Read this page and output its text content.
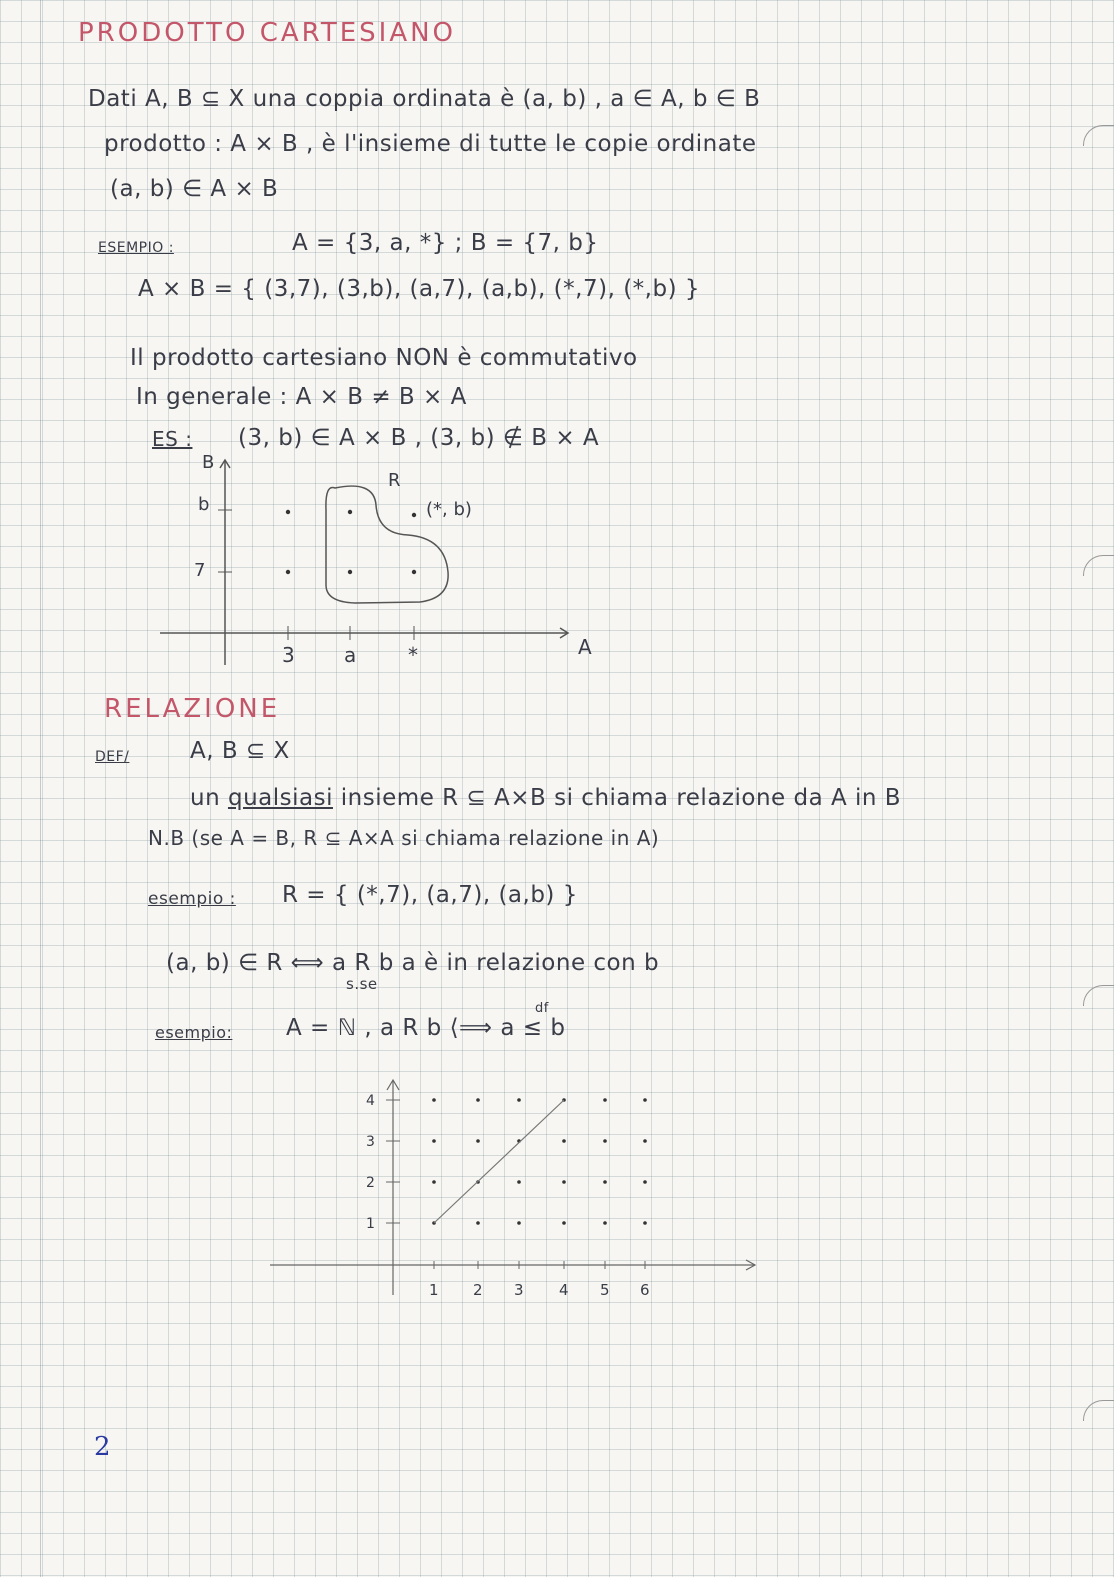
PRODOTTO CARTESIANO
Dati A, B ⊆ X una coppia ordinata è (a, b) , a ∈ A, b ∈ B
prodotto : A × B , è l'insieme di tutte le copie ordinate
(a, b) ∈ A × B
ESEMPIO :	A = {3, a, *} ; B = {7, b}
A × B = { (3,7), (3,b), (a,7), (a,b), (*,7), (*,b) }
Il prodotto cartesiano NON è commutativo
In generale : A × B ≠ B × A
ES : (3, b) ∈ A × B , (3, b) ∉ B × A
B
A
b
7
3 a	*
R
(*, b)
RELAZIONE
DEF/	A, B ⊆ X
un qualsiasi insieme R ⊆ A×B si chiama relazione da A in B
N.B (se A = B, R ⊆ A×A si chiama relazione in A)
esempio : R = { (*,7), (a,7), (a,b) }
(a, b) ∈ R ⟺ a R b a è in relazione con b
s.se
esempio: A = ℕ , a R b ⟨⟹ a ≤ b
df
1 2 3 4 5 6
1
2
3
4
2
